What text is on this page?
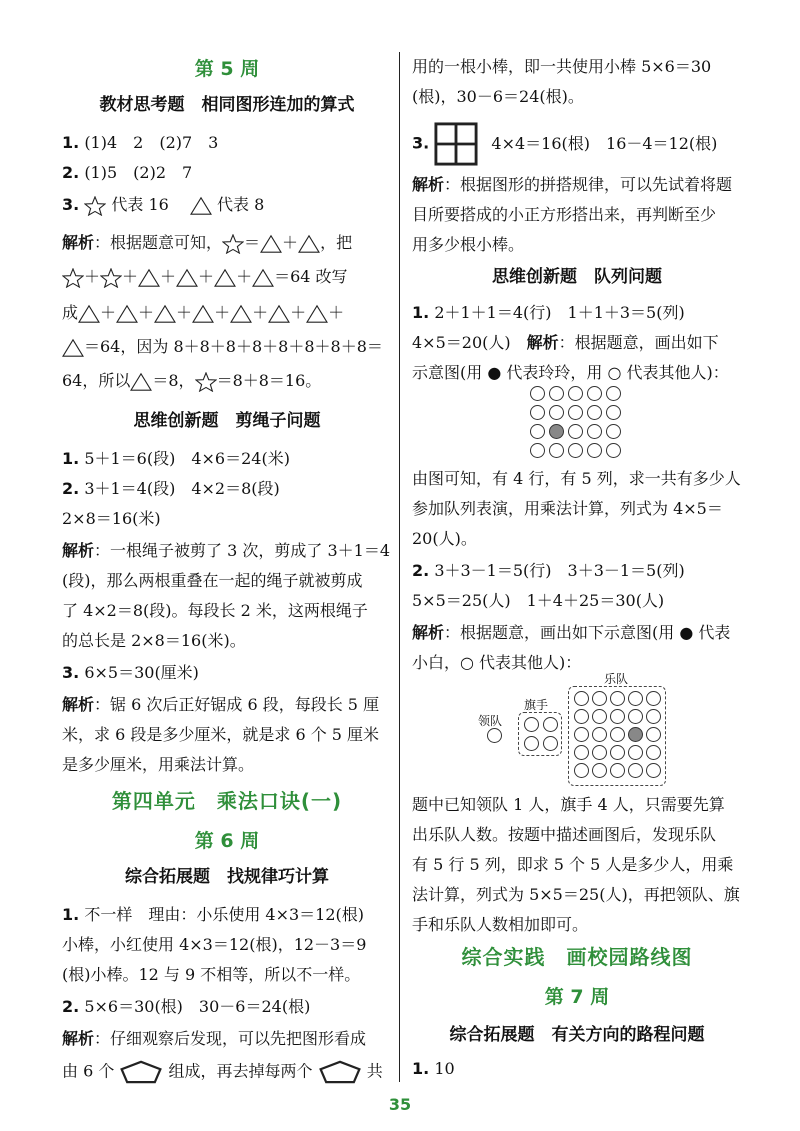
第 5 周
教材思考题　相同图形连加的算式
1. (1)4　2　(2)7　3
2. (1)5　(2)2　7
3. 代表 16　	代表 8
解析：根据题意可知， ＝ ＋ ，把
＋ ＋ ＋ ＋ ＋ ＝64 改写
成 ＋ ＋ ＋ ＋ ＋ ＋ ＋
＝64，因为 8＋8＋8＋8＋8＋8＋8＋8＝
64，所以 ＝8， ＝8＋8＝16。
思维创新题　剪绳子问题
1. 5＋1＝6(段)　4×6＝24(米)
2. 3＋1＝4(段)　4×2＝8(段)
2×8＝16(米)
解析：一根绳子被剪了 3 次，剪成了 3＋1＝4
(段)，那么两根重叠在一起的绳子就被剪成
了 4×2＝8(段)。每段长 2 米，这两根绳子
的总长是 2×8＝16(米)。
3. 6×5＝30(厘米)
解析：锯 6 次后正好锯成 6 段，每段长 5 厘
米，求 6 段是多少厘米，就是求 6 个 5 厘米
是多少厘米，用乘法计算。
第四单元　乘法口诀(一)
第 6 周
综合拓展题　找规律巧计算
1. 不一样　理由：小乐使用 4×3＝12(根)
小棒，小红使用 4×3＝12(根)，12－3＝9
(根)小棒。12 与 9 不相等，所以不一样。
2. 5×6＝30(根)　30－6＝24(根)
解析：仔细观察后发现，可以先把图形看成
由 6 个	组成，再去掉每两个	共
用的一根小棒，即一共使用小棒 5×6＝30
(根)，30－6＝24(根)。
3.	4×4＝16(根)　16－4＝12(根)
解析：根据图形的拼搭规律，可以先试着将题
目所要搭成的小正方形搭出来，再判断至少
用多少根小棒。
思维创新题　队列问题
1. 2＋1＋1＝4(行)　1＋1＋3＝5(列)
4×5＝20(人)　 解析：根据题意，画出如下
示意图(用 ● 代表玲玲，用 ○ 代表其他人)：
由图可知，有 4 行，有 5 列，求一共有多少人
参加队列表演，用乘法计算，列式为 4×5＝
20(人)。
2. 3＋3－1＝5(行)　3＋3－1＝5(列)
5×5＝25(人)　1＋4＋25＝30(人)
解析：根据题意，画出如下示意图(用 ● 代表
小白，○ 代表其他人)：
乐队
旗手
领队
题中已知领队 1 人，旗手 4 人，只需要先算
出乐队人数。按题中描述画图后，发现乐队
有 5 行 5 列，即求 5 个 5 人是多少人，用乘
法计算，列式为 5×5＝25(人)，再把领队、旗
手和乐队人数相加即可。
综合实践　画校园路线图
第 7 周
综合拓展题　有关方向的路程问题
1. 10
35
